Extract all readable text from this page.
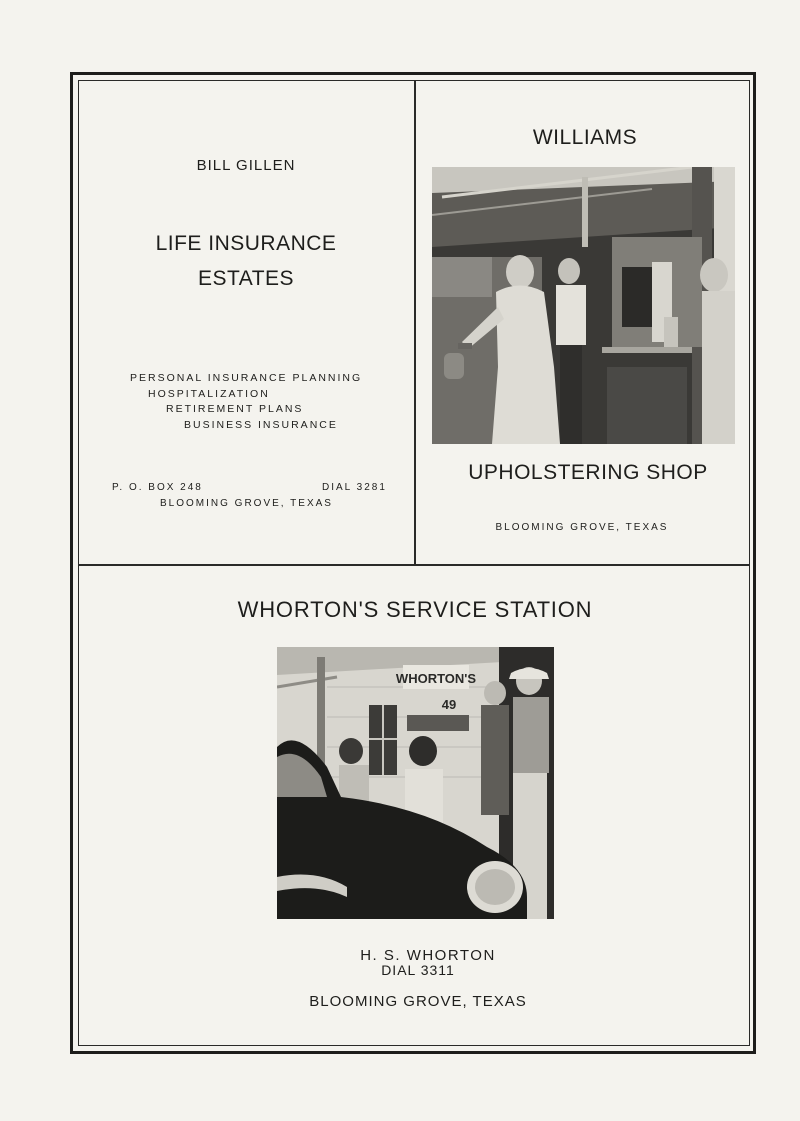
BILL GILLEN
LIFE INSURANCE
ESTATES
PERSONAL INSURANCE PLANNING
HOSPITALIZATION
RETIREMENT PLANS
BUSINESS INSURANCE
P. O. BOX 248	DIAL 3281
BLOOMING GROVE, TEXAS
WILLIAMS
UPHOLSTERING SHOP
BLOOMING GROVE, TEXAS
WHORTON'S SERVICE STATION
WHORTON'S
49
H. S. WHORTON
DIAL 3311
BLOOMING GROVE, TEXAS
